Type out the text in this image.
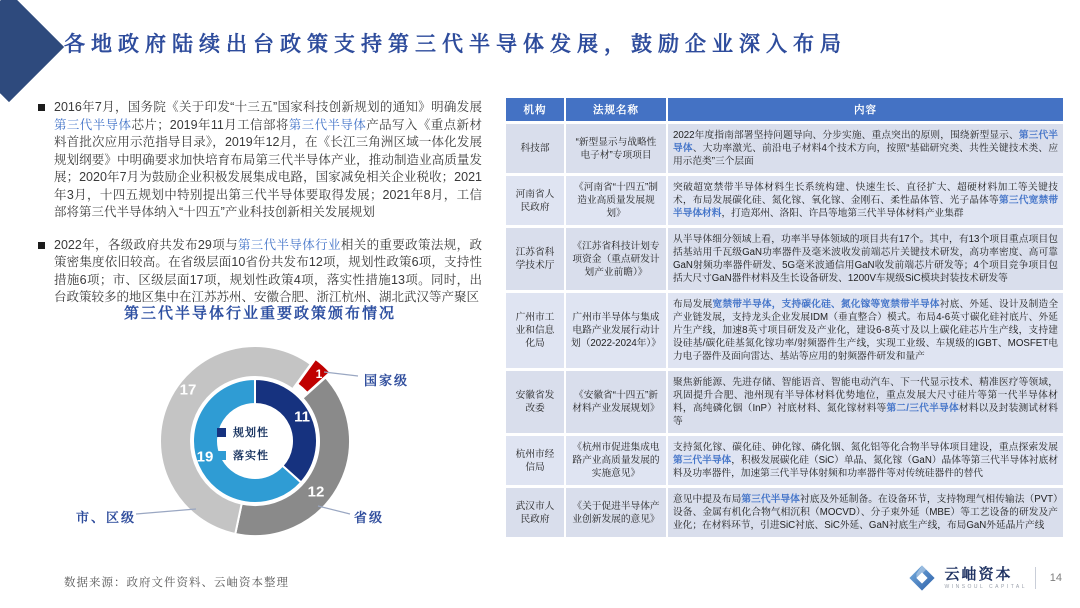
各地政府陆续出台政策支持第三代半导体发展，鼓励企业深入布局

2016年7月，国务院《关于印发“十三五”国家科技创新规划的通知》明确发展第三代半导体芯片；2019年11月工信部将第三代半导体产品写入《重点新材料首批次应用示范指导目录》，2019年12月，在《长江三角洲区域一体化发展规划纲要》中明确要求加快培育布局第三代半导体产业，推动制造业高质量发展；2020年7月为鼓励企业积极发展集成电路，国家减免相关企业税收；2021年3月，十四五规划中特别提出第三代半导体要取得发展；2021年8月，工信部将第三代半导体纳入“十四五”产业科技创新相关发展规划

2022年，各级政府共发布29项与第三代半导体行业相关的重要政策法规，政策密集度依旧较高。在省级层面10省份共发布12项，规划性政策6项，支持性措施6项；市、区级层面17项，规划性政策4项，落实性措施13项。同时，出台政策较多的地区集中在江苏苏州、安徽合肥、浙江杭州、湖北武汉等产聚区

第三代半导体行业重要政策颁布情况
17
19
11
12
1	国家级
省级
市、区级
规划性
落实性
机构	法规名称	内容
科技部	“新型显示与战略性电子材”专项项目	2022年度指南部署坚持问题导向、分步实施、重点突出的原则，围绕新型显示、第三代半导体、大功率激光、前沿电子材料4个技术方向，按照“基础研究类、共性关键技术类、应用示范类”三个层面
河南省人民政府	《河南省“十四五”制造业高质量发展规划》	突破超宽禁带半导体材料生长系统构建、快速生长、直径扩大、超硬材料加工等关键技术，布局发展碳化硅、氮化镓、氧化镓、金刚石、柔性晶体管、光子晶体等第三代宽禁带半导体材料，打造郑州、洛阳、许昌等地第三代半导体材料产业集群
江苏省科学技术厅	《江苏省科技计划专项资金（重点研发计划产业前瞻）》	从半导体细分领域上看，功率半导体领域的项目共有17个。其中，有13个项目重点项目包括基站用千瓦级GaN功率器件及毫米波收发前端芯片关键技术研发，高功率密度、高可靠GaN射频功率器件研发、5G毫米波通信用GaN收发前端芯片研发等；4个项目竞争项目包括大尺寸GaN器件材料及生长设备研发、1200V车规级SiC模块封装技术研发等
广州市工业和信息化局	广州市半导体与集成电路产业发展行动计划（2022-2024年）》	布局发展宽禁带半导体，支持碳化硅、氮化镓等宽禁带半导体衬底、外延、设计及制造全产业链发展，支持龙头企业发展IDM（垂直整合）模式。布局4-6英寸碳化硅衬底片、外延片生产线，加速8英寸项目研发及产业化，建设6-8英寸及以上碳化硅芯片生产线，支持建设硅基/碳化硅基氮化镓功率/射频器件生产线，实现工业级、车规级的IGBT、MOSFET电力电子器件及面向雷达、基站等应用的射频器件研发和量产
安徽省发改委	《安徽省“十四五”新材料产业发展规划》	聚焦新能源、先进存储、智能语音、智能电动汽车、下一代显示技术、精准医疗等领域，巩固提升合肥、池州现有半导体材料优势地位，重点发展大尺寸硅片等第一代半导体材料，高纯磷化铟（InP）衬底材料、氮化镓材料等第二/三代半导体材料以及封装测试材料等
杭州市经信局	《杭州市促进集成电路产业高质量发展的实施意见》	支持氮化镓、碳化硅、砷化镓、磷化铟、氮化铝等化合物半导体项目建设，重点探索发展第三代半导体，积极发展碳化硅（SiC）单晶、氮化镓（GaN）晶体等第三代半导体衬底材料及功率器件，加速第三代半导体射频和功率器件等对传统硅器件的替代
武汉市人民政府	《关于促进半导体产业创新发展的意见》	意见中提及布局第三代半导体衬底及外延制备。在设备环节，支持物理气相传输法（PVT）设备、金属有机化合物气相沉积（MOCVD）、分子束外延（MBE）等工艺设备的研发及产业化；在材料环节，引进SiC衬底、SiC外延、GaN衬底生产线，布局GaN外延晶片产线
数据来源：政府文件资料、云岫资本整理
云岫资本
WINSOUL CAPITAL
14
